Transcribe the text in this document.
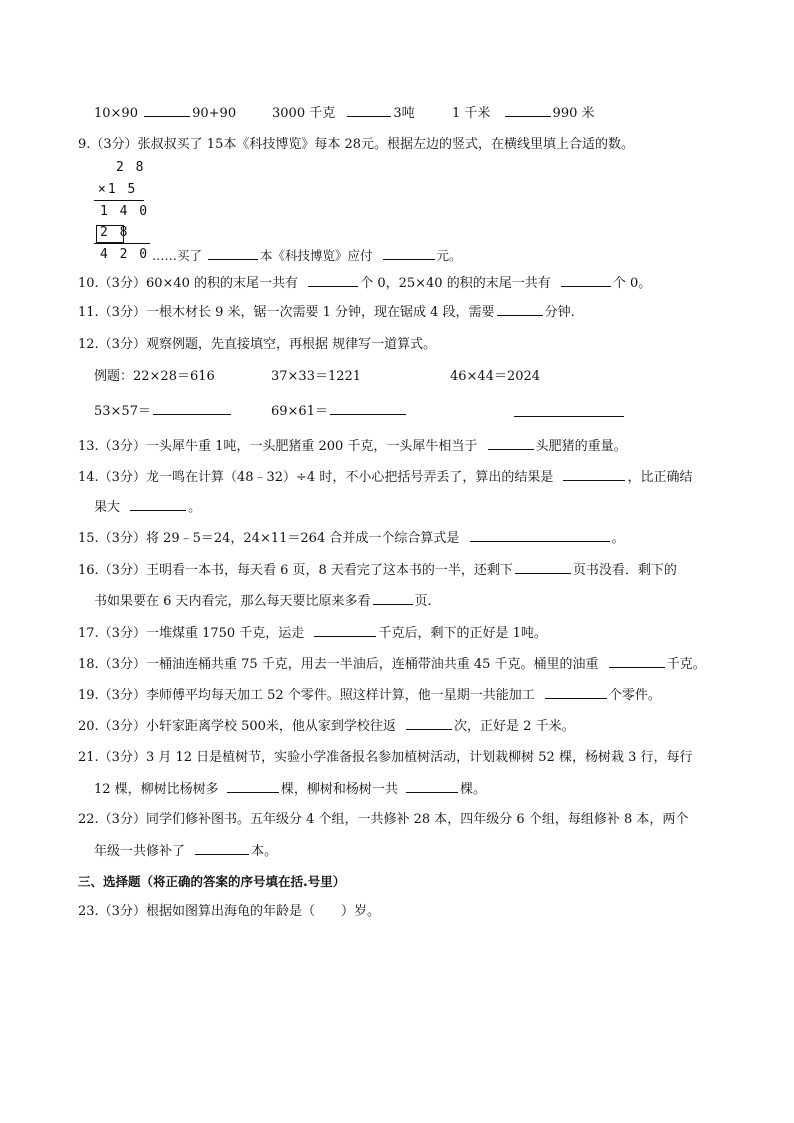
10×90	90+90	3000 千克	3吨	1 千米	990 米
9.（3分）张叔叔买了 15本《科技博览》每本 28元。根据左边的竖式，在横线里填上合适的数。
2 8
×1 5
1 4 0
2 8
4 2 0 ……买了	本《科技博览》应付	元。
10.（3分）60×40 的积的末尾一共有	个 0，25×40 的积的末尾一共有	个 0。
11.（3分）一根木材长 9 米，锯一次需要 1 分钟，现在锯成 4 段，需要	分钟.
12.（3分）观察例题，先直接填空，再根据 规律写一道算式。
例题：22×28＝616	37×33＝1221	46×44＝2024
53×57＝	69×61＝
13.（3分）一头犀牛重 1吨，一头肥猪重 200 千克，一头犀牛相当于	头肥猪的重量。
14.（3分）龙一鸣在计算（48﹣32）÷4 时，不小心把括号弄丢了，算出的结果是	，比正确结
果大	。
15.（3分）将 29﹣5＝24，24×11＝264 合并成一个综合算式是	。
16.（3分）王明看一本书，每天看 6 页，8 天看完了这本书的一半，还剩下	页书没看．剩下的
书如果要在 6 天内看完，那么每天要比原来多看	页.
17.（3分）一堆煤重 1750 千克，运走	千克后，剩下的正好是 1吨。
18.（3分）一桶油连桶共重 75 千克，用去一半油后，连桶带油共重 45 千克。桶里的油重	千克。
19.（3分）李师傅平均每天加工 52 个零件。照这样计算，他一星期一共能加工	个零件。
20.（3分）小轩家距离学校 500米，他从家到学校往返	次，正好是 2 千米。
21.（3分）3 月 12 日是植树节，实验小学准备报名参加植树活动，计划栽柳树 52 棵，杨树栽 3 行，每行
12 棵，柳树比杨树多	棵，柳树和杨树一共	棵。
22.（3分）同学们修补图书。五年级分 4 个组，一共修补 28 本，四年级分 6 个组，每组修补 8 本，两个
年级一共修补了	本。
三、选择题（将正确的答案的序号填在括.号里）
23.（3分）根据如图算出海龟的年龄是（ ）岁。
